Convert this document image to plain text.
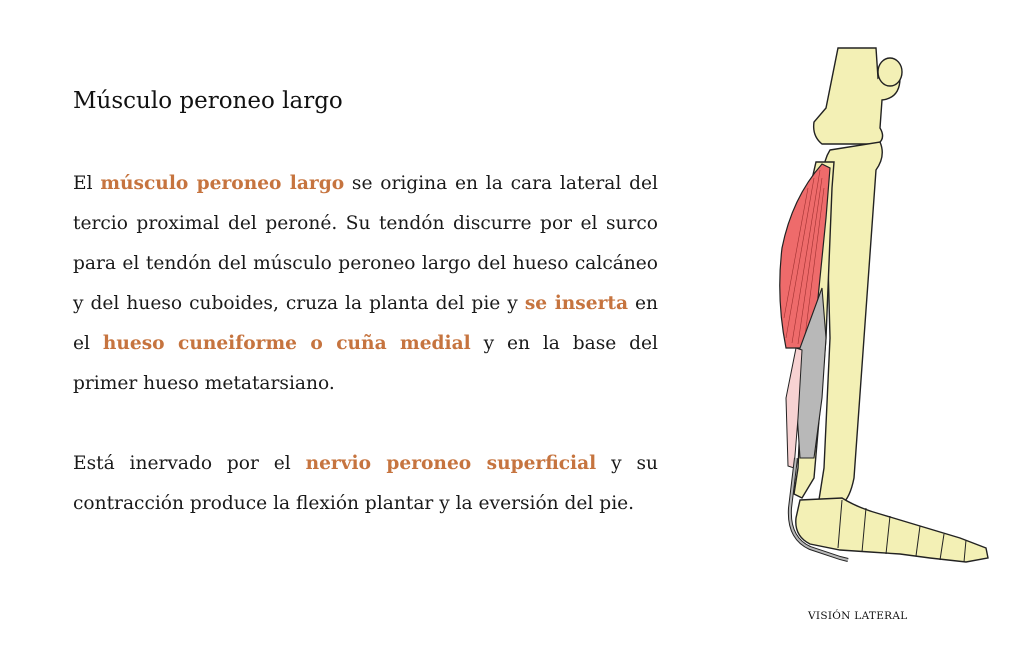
Músculo peroneo largo

El músculo peroneo largo se origina en la cara lateral del tercio proximal del peroné. Su tendón discurre por el surco para el tendón del músculo peroneo largo del hueso calcáneo y del hueso cuboides, cruza la planta del pie y se inserta en el hueso cuneiforme o cuña medial y en la base del primer hueso metatarsiano.

Está inervado por el nervio peroneo superficial y su contracción produce la flexión plantar y la eversión del pie.

VISIÓN LATERAL
